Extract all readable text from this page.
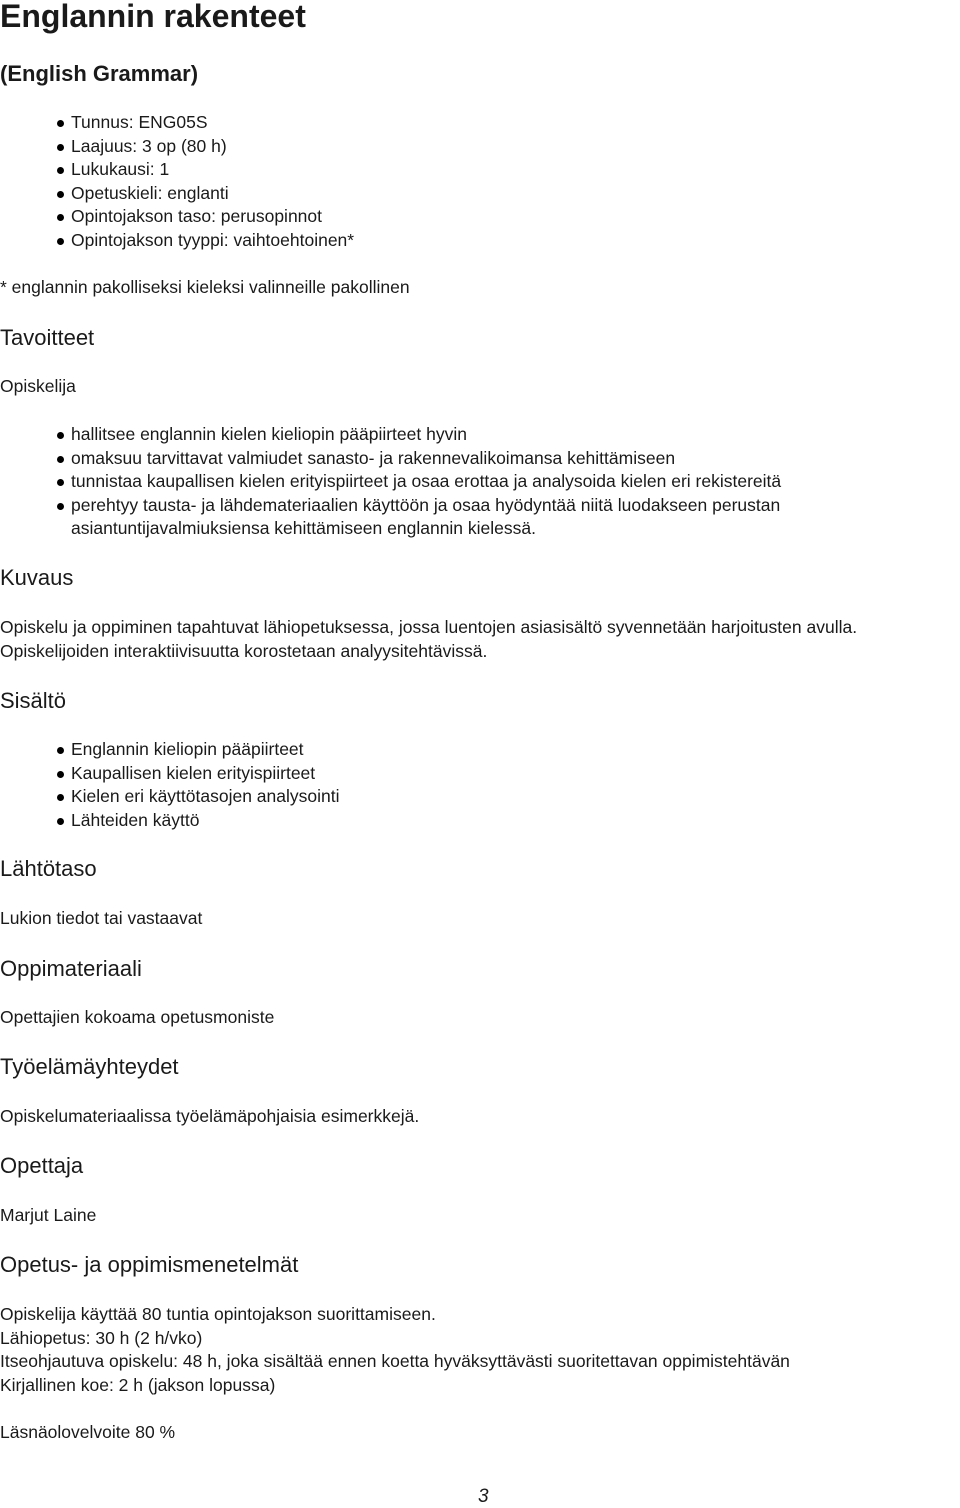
Englannin rakenteet
(English Grammar)
Tunnus: ENG05S
Laajuus: 3 op (80 h)
Lukukausi: 1
Opetuskieli: englanti
Opintojakson taso: perusopinnot
Opintojakson tyyppi: vaihtoehtoinen*
* englannin pakolliseksi kieleksi valinneille pakollinen
Tavoitteet
Opiskelija
hallitsee englannin kielen kieliopin pääpiirteet hyvin
omaksuu tarvittavat valmiudet sanasto- ja rakennevalikoimansa kehittämiseen
tunnistaa kaupallisen kielen erityispiirteet ja osaa erottaa ja analysoida kielen eri rekistereitä
perehtyy tausta- ja lähdemateriaalien käyttöön ja osaa hyödyntää niitä luodakseen perustan
asiantuntijavalmiuksiensa kehittämiseen englannin kielessä.
Kuvaus
Opiskelu ja oppiminen tapahtuvat lähiopetuksessa, jossa luentojen asiasisältö syvennetään harjoitusten avulla.
Opiskelijoiden interaktiivisuutta korostetaan analyysitehtävissä.
Sisältö
Englannin kieliopin pääpiirteet
Kaupallisen kielen erityispiirteet
Kielen eri käyttötasojen analysointi
Lähteiden käyttö
Lähtötaso
Lukion tiedot tai vastaavat
Oppimateriaali
Opettajien kokoama opetusmoniste
Työelämäyhteydet
Opiskelumateriaalissa työelämäpohjaisia esimerkkejä.
Opettaja
Marjut Laine
Opetus- ja oppimismenetelmät
Opiskelija käyttää 80 tuntia opintojakson suorittamiseen.
Lähiopetus: 30 h (2 h/vko)
Itseohjautuva opiskelu: 48 h, joka sisältää ennen koetta hyväksyttävästi suoritettavan oppimistehtävän
Kirjallinen koe: 2 h (jakson lopussa)
Läsnäolovelvoite 80 %
3
